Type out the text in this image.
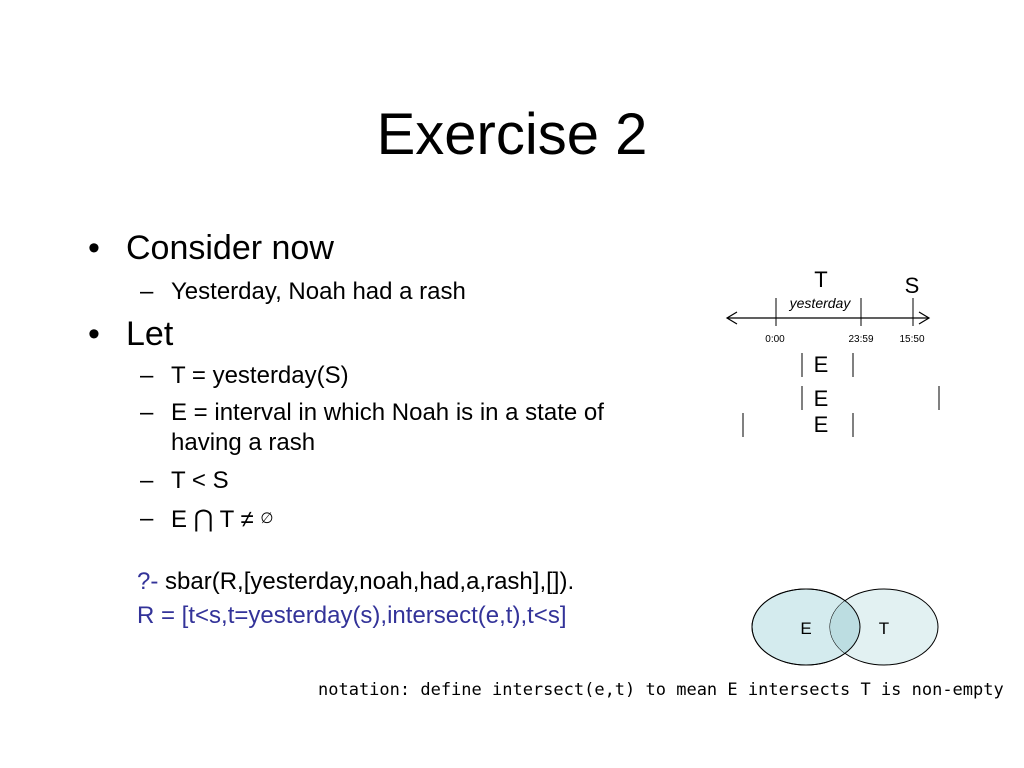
Exercise 2
• Consider now
– Yesterday, Noah had a rash
• Let
– T = yesterday(S)
– E = interval in which Noah is in a state of
having a rash
– T < S
– E ⋂ T ≠ ∅
?- sbar(R,[yesterday,noah,had,a,rash],[]).
R = [t<s,t=yesterday(s),intersect(e,t),t<s]
T	S
yesterday
0:00	23:59	15:50
E
E
E
E	T
notation: define intersect(e,t) to mean E intersects T is non-empty
